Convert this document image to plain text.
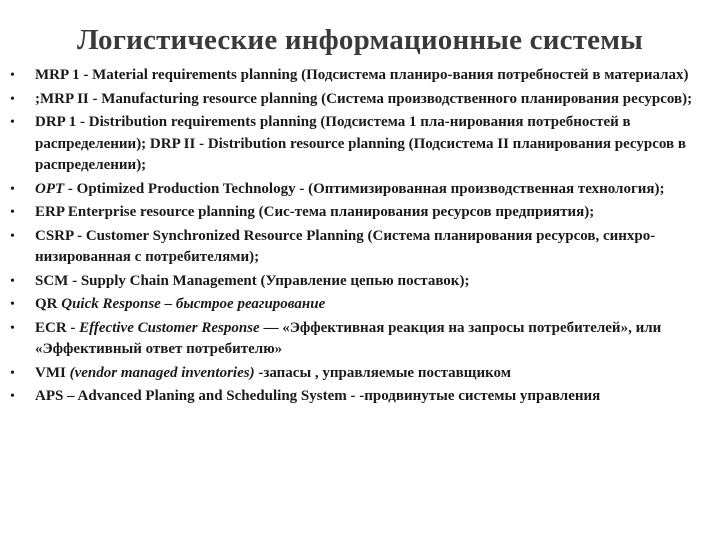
Логистические информационные системы
• MRP 1 - Material requirements planning (Подсистема планиро-вания потребностей в материалах)
• ;MRP II - Manufacturing resource planning (Система производственного планирования ресурсов);
• DRP 1 - Distribution requirements planning (Подсистема 1 пла-нирования потребностей в распределении); DRP II - Distribution resource planning (Подсистема II планирования ресурсов в распределении);
• OPT - Optimized Production Technology - (Оптимизированная производственная технология);
• ERP Enterprise resource planning (Сис-тема планирования ресурсов предприятия);
• CSRP - Customer Synchronized Resource Planning (Система планирования ресурсов, синхро-низированная с потребителями);
• SCM - Supply Chain Management (Управление цепью поставок);
• QR Quick Response – быстрое реагирование
• ECR - Effective Customer Response — «Эффективная реакция на запросы потребителей», или «Эффективный ответ потребителю»
• VMI (vendor managed inventories) -запасы , управляемые поставщиком
• APS – Advanced Planing and Scheduling System - -продвинутые системы управления
